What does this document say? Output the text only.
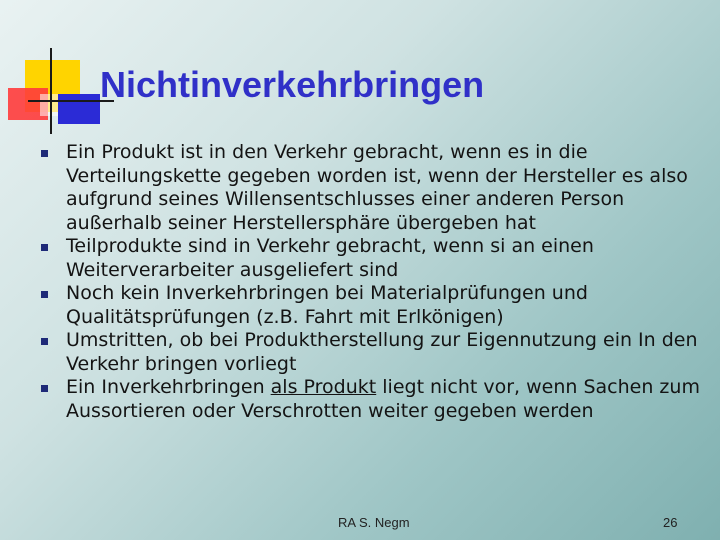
Nichtinverkehrbringen
Ein Produkt ist in den Verkehr gebracht, wenn es in die Verteilungskette gegeben worden ist, wenn der Hersteller es also aufgrund seines Willensentschlusses einer anderen Person außerhalb seiner Herstellersphäre übergeben hat
Teilprodukte sind in Verkehr gebracht, wenn si an einen Weiterverarbeiter ausgeliefert sind
Noch kein Inverkehrbringen bei Materialprüfungen und Qualitätsprüfungen (z.B. Fahrt mit Erlkönigen)
Umstritten, ob bei Produktherstellung zur Eigennutzung ein In den Verkehr bringen vorliegt
Ein Inverkehrbringen als Produkt liegt nicht vor, wenn Sachen zum Aussortieren oder Verschrotten weiter gegeben werden
RA S. Negm	26
